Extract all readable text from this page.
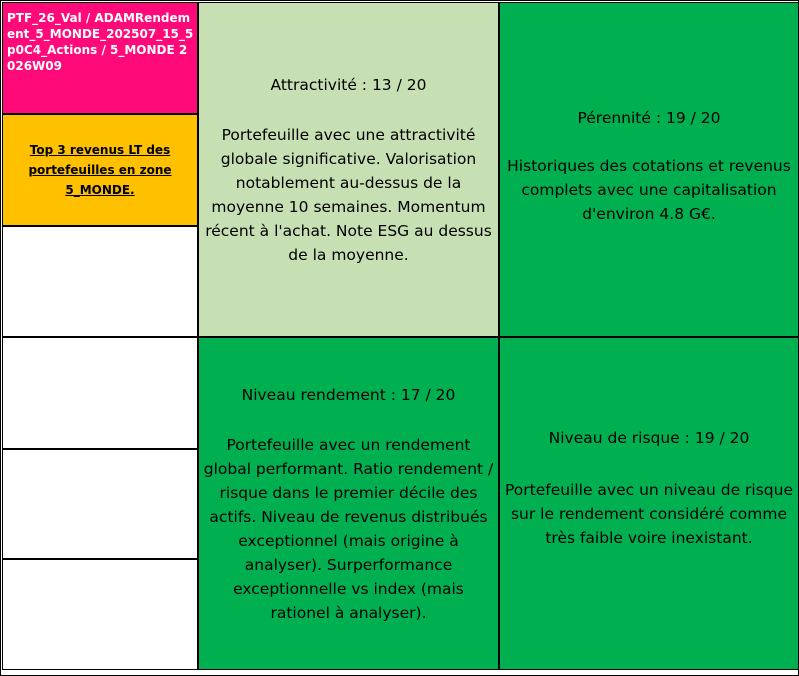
PTF_26_Val / ADAMRendement_5_MONDE_202507_15_5p0C4_Actions / 5_MONDE 2026W09
Top 3 revenus LT des portefeuilles en zone 5_MONDE.
Attractivité : 13 / 20
Portefeuille avec une attractivité globale significative. Valorisation notablement au-dessus de la moyenne 10 semaines. Momentum récent à l'achat. Note ESG au dessus de la moyenne.
Pérennité : 19 / 20
Historiques des cotations et revenus complets avec une capitalisation d'environ 4.8 G€.
Niveau rendement : 17 / 20
Portefeuille avec un rendement global performant. Ratio rendement / risque dans le premier décile des actifs. Niveau de revenus distribués exceptionnel (mais origine à analyser). Surperformance exceptionnelle vs index (mais rationel à analyser).
Niveau de risque : 19 / 20
Portefeuille avec un niveau de risque sur le rendement considéré comme très faible voire inexistant.
